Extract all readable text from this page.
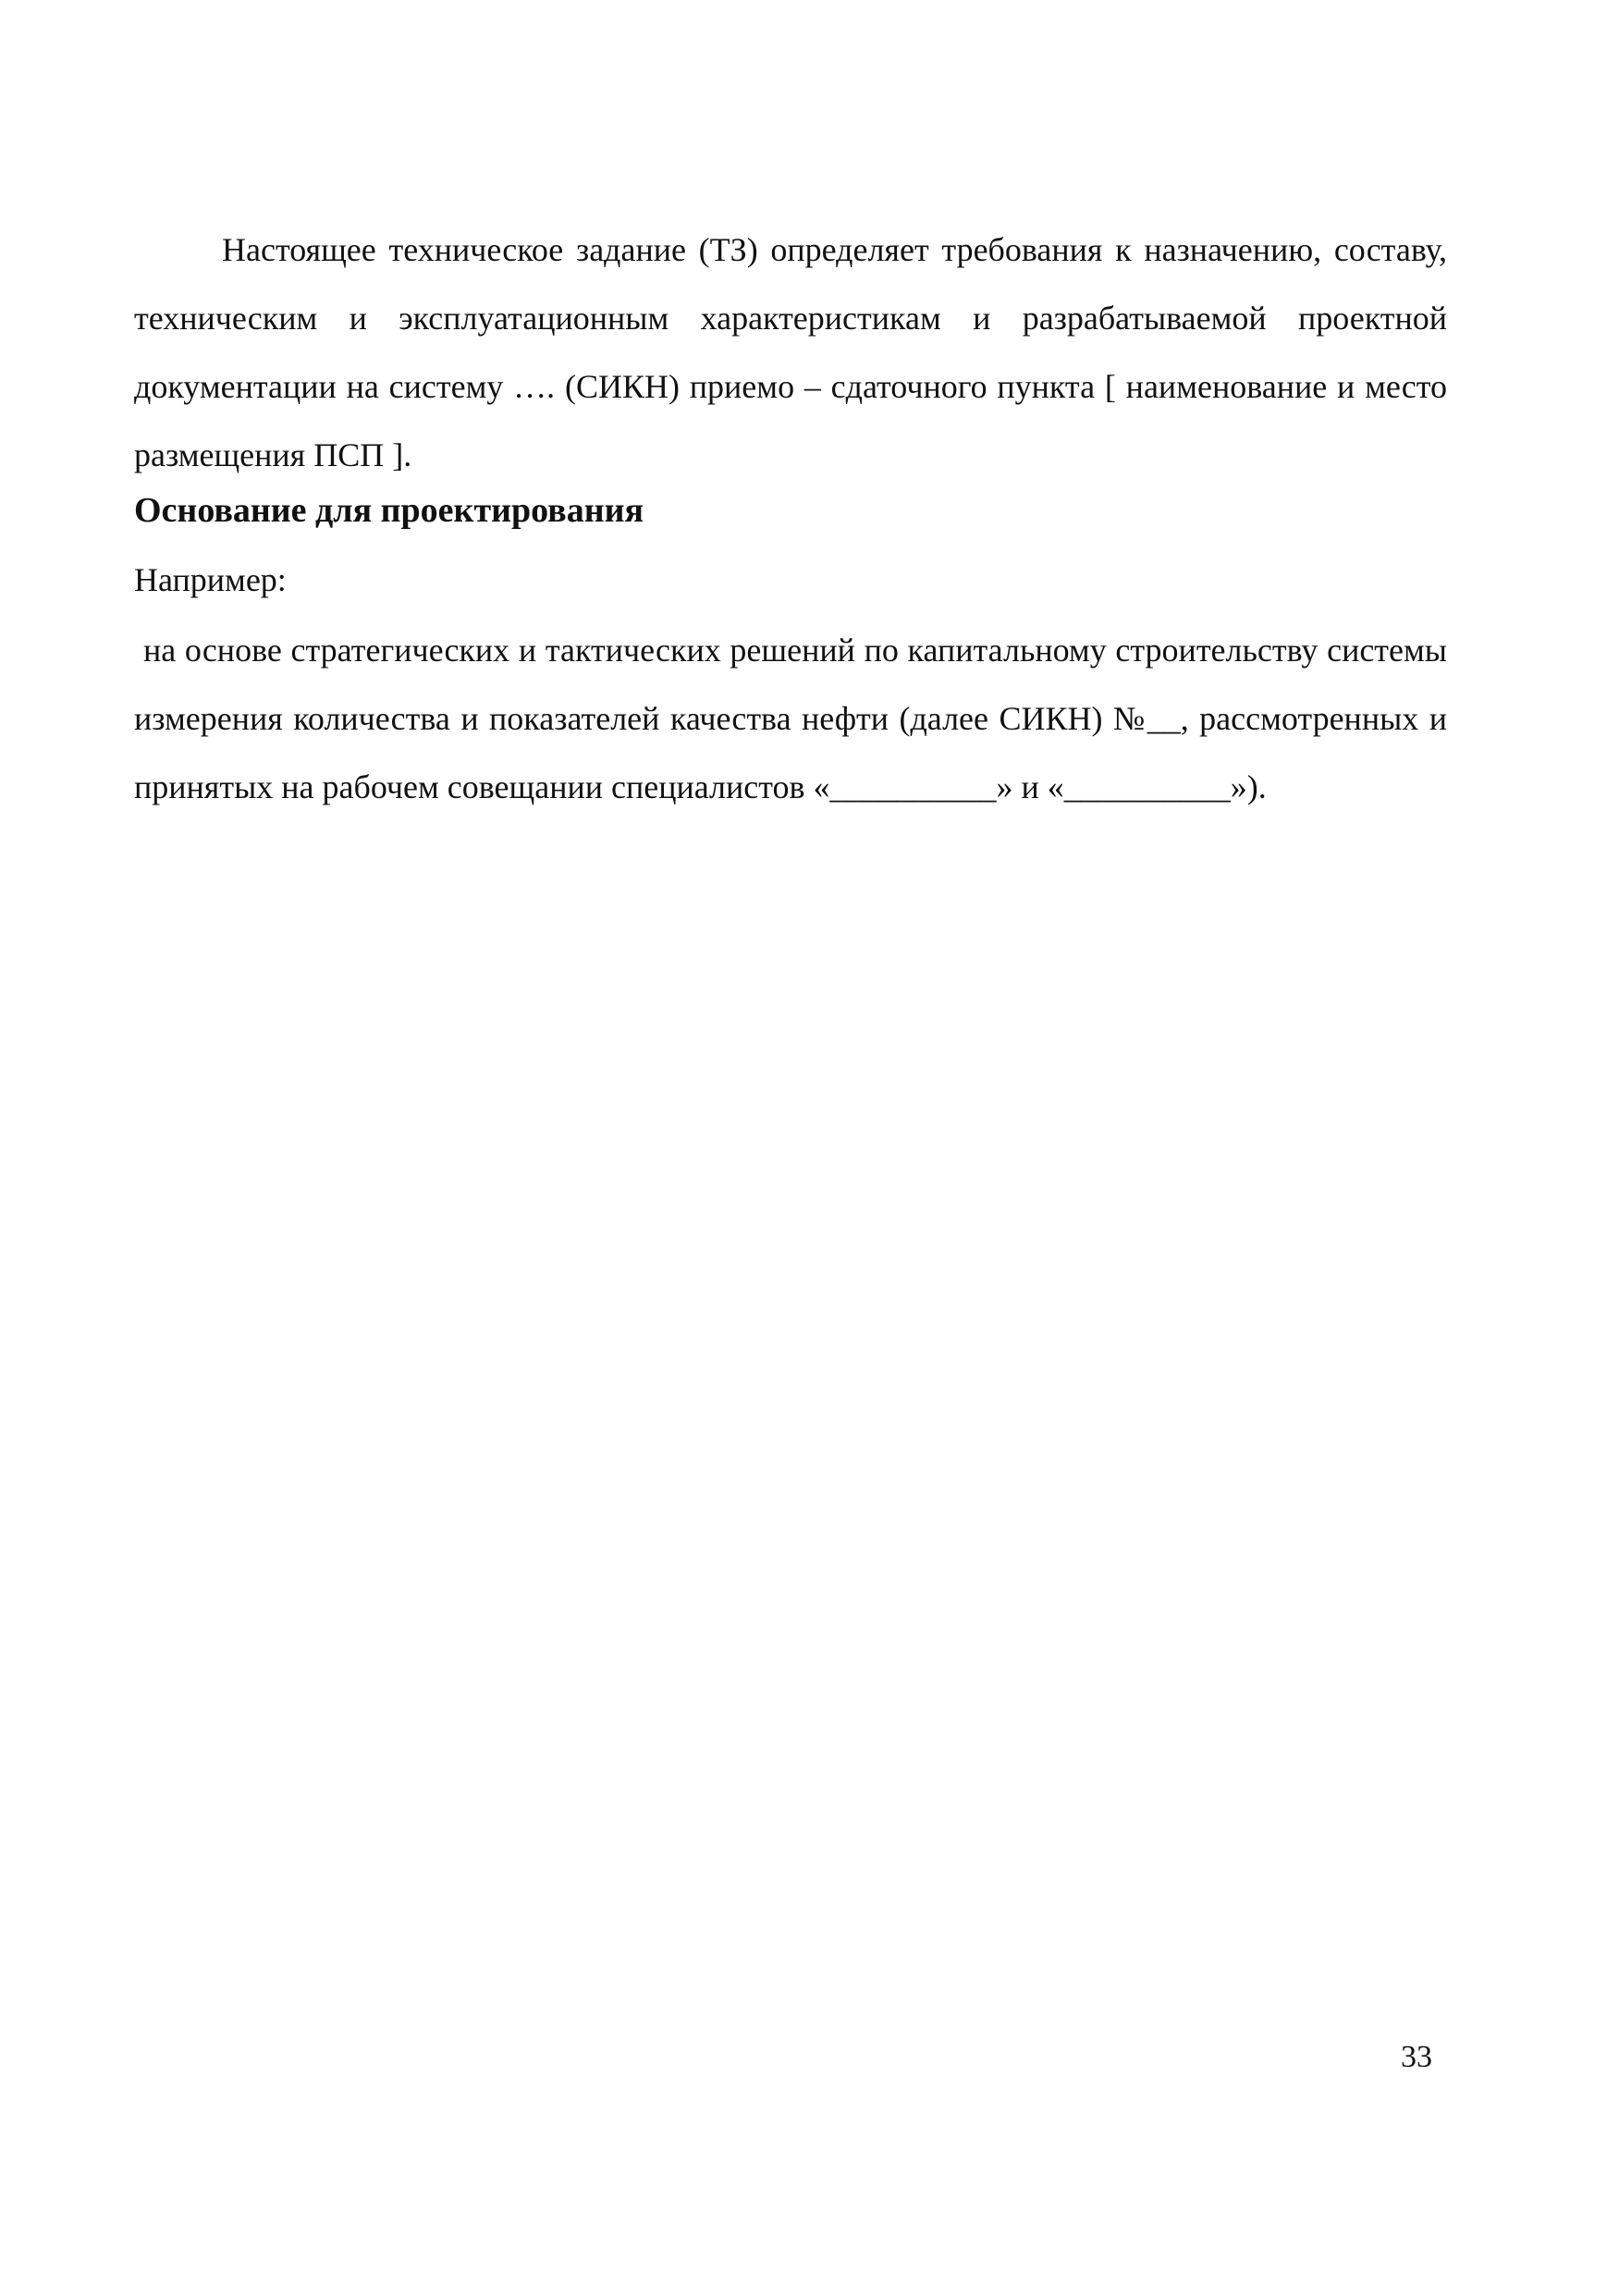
Настоящее техническое задание (ТЗ) определяет требования к назначению, составу, техническим и эксплуатационным характеристикам и разрабатываемой проектной документации на систему …. (СИКН) приемо – сдаточного пункта [ наименование и место размещения ПСП ].
Основание для проектирования
Например:
на основе стратегических и тактических решений по капитальному строительству системы измерения количества и показателей качества нефти (далее СИКН) №__, рассмотренных и принятых на рабочем совещании специалистов «__________» и «__________»).
33
